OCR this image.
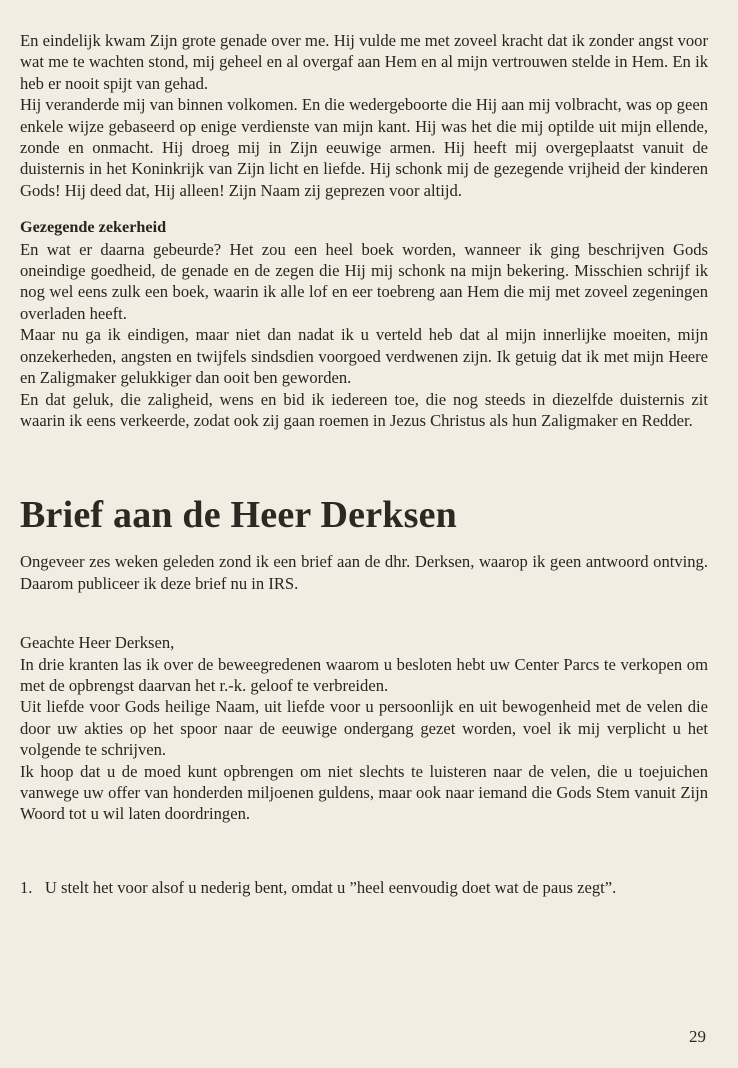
En eindelijk kwam Zijn grote genade over me. Hij vulde me met zoveel kracht dat ik zonder angst voor wat me te wachten stond, mij geheel en al overgaf aan Hem en al mijn vertrouwen stelde in Hem. En ik heb er nooit spijt van gehad.

Hij veranderde mij van binnen volkomen. En die wedergeboorte die Hij aan mij volbracht, was op geen enkele wijze gebaseerd op enige verdienste van mijn kant. Hij was het die mij optilde uit mijn ellende, zonde en onmacht. Hij droeg mij in Zijn eeuwige armen. Hij heeft mij overgeplaatst vanuit de duisternis in het Koninkrijk van Zijn licht en liefde. Hij schonk mij de gezegende vrijheid der kinderen Gods! Hij deed dat, Hij alleen! Zijn Naam zij geprezen voor altijd.

Gezegende zekerheid

En wat er daarna gebeurde? Het zou een heel boek worden, wanneer ik ging beschrijven Gods oneindige goedheid, de genade en de zegen die Hij mij schonk na mijn bekering. Misschien schrijf ik nog wel eens zulk een boek, waarin ik alle lof en eer toebreng aan Hem die mij met zoveel zegeningen overladen heeft.

Maar nu ga ik eindigen, maar niet dan nadat ik u verteld heb dat al mijn innerlijke moeiten, mijn onzekerheden, angsten en twijfels sindsdien voorgoed verdwenen zijn. Ik getuig dat ik met mijn Heere en Zaligmaker gelukkiger dan ooit ben geworden.

En dat geluk, die zaligheid, wens en bid ik iedereen toe, die nog steeds in diezelfde duisternis zit waarin ik eens verkeerde, zodat ook zij gaan roemen in Jezus Christus als hun Zaligmaker en Redder.

Brief aan de Heer Derksen

Ongeveer zes weken geleden zond ik een brief aan de dhr. Derksen, waarop ik geen antwoord ontving. Daarom publiceer ik deze brief nu in IRS.

Geachte Heer Derksen,

In drie kranten las ik over de beweegredenen waarom u besloten hebt uw Center Parcs te verkopen om met de opbrengst daarvan het r.-k. geloof te verbreiden.

Uit liefde voor Gods heilige Naam, uit liefde voor u persoonlijk en uit bewogenheid met de velen die door uw akties op het spoor naar de eeuwige ondergang gezet worden, voel ik mij verplicht u het volgende te schrijven.

Ik hoop dat u de moed kunt opbrengen om niet slechts te luisteren naar de velen, die u toejuichen vanwege uw offer van honderden miljoenen guldens, maar ook naar iemand die Gods Stem vanuit Zijn Woord tot u wil laten doordringen.

1.   U stelt het voor alsof u nederig bent, omdat u ”heel eenvoudig doet wat de paus zegt”.

29
